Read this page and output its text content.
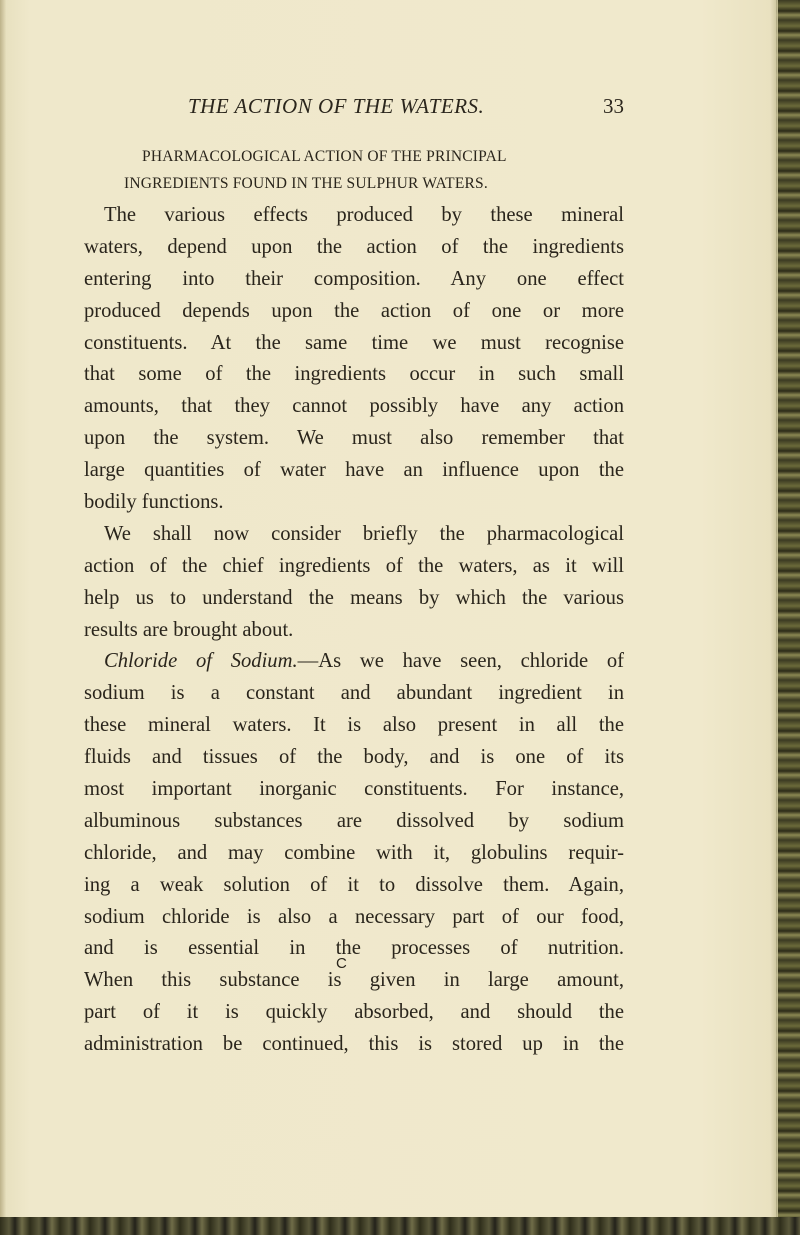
THE ACTION OF THE WATERS.	33
PHARMACOLOGICAL ACTION OF THE PRINCIPAL
INGREDIENTS FOUND IN THE SULPHUR WATERS.
The various effects produced by these mineral
waters, depend upon the action of the ingredients
entering into their composition. Any one effect
produced depends upon the action of one or more
constituents. At the same time we must recognise
that some of the ingredients occur in such small
amounts, that they cannot possibly have any action
upon the system. We must also remember that
large quantities of water have an influence upon the
bodily functions.
We shall now consider briefly the pharmacological
action of the chief ingredients of the waters, as it will
help us to understand the means by which the various
results are brought about.
Chloride of Sodium.—As we have seen, chloride of
sodium is a constant and abundant ingredient in
these mineral waters. It is also present in all the
fluids and tissues of the body, and is one of its
most important inorganic constituents. For instance,
albuminous substances are dissolved by sodium
chloride, and may combine with it, globulins requir-
ing a weak solution of it to dissolve them. Again,
sodium chloride is also a necessary part of our food,
and is essential in the processes of nutrition.
When this substance is given in large amount,
part of it is quickly absorbed, and should the
administration be continued, this is stored up in the
C
